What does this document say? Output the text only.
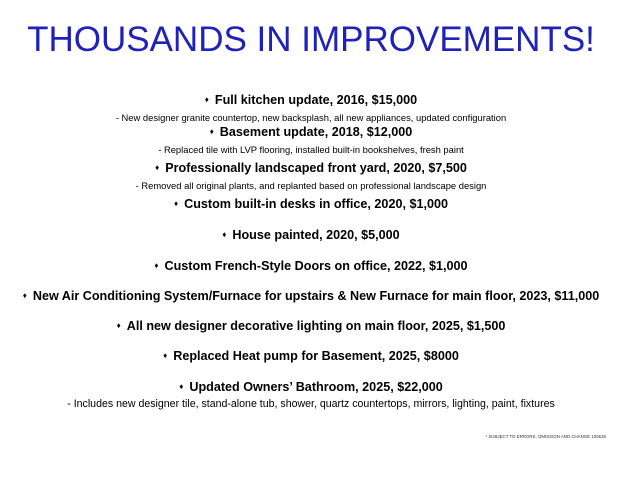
THOUSANDS IN IMPROVEMENTS!
♦ Full kitchen update, 2016, $15,000
- New designer granite countertop, new backsplash, all new appliances, updated configuration
♦ Basement update, 2018, $12,000
- Replaced tile with LVP flooring, installed built-in bookshelves, fresh paint
♦ Professionally landscaped front yard, 2020, $7,500
- Removed all original plants, and replanted based on professional landscape design
♦ Custom built-in desks in office, 2020, $1,000
♦ House painted, 2020, $5,000
♦ Custom French-Style Doors on office, 2022, $1,000
♦ New Air Conditioning System/Furnace for upstairs & New Furnace for main floor, 2023, $11,000
♦ All new designer decorative lighting on main floor, 2025, $1,500
♦ Replaced Heat pump for Basement, 2025, $8000
♦ Updated Owners’ Bathroom, 2025, $22,000
- Includes new designer tile, stand-alone tub, shower, quartz countertops, mirrors, lighting, paint, fixtures
* SUBJECT TO ERRORS, OMISSION AND CHANGE 100625
